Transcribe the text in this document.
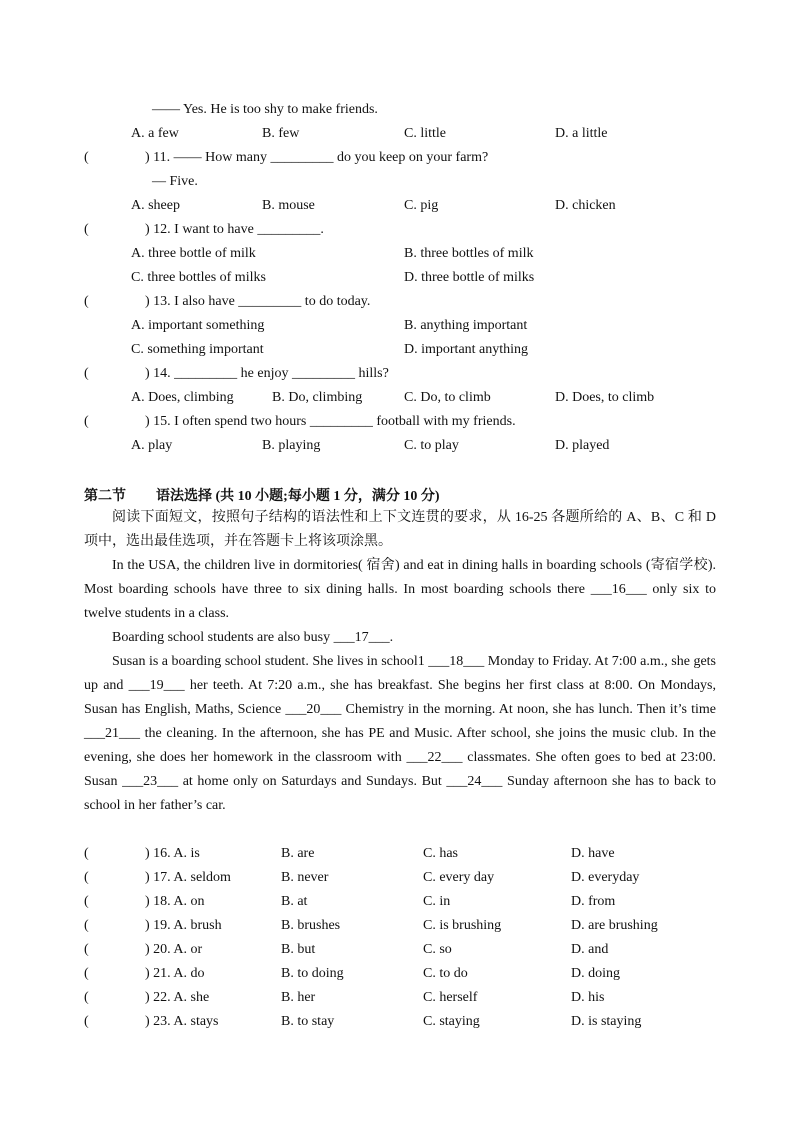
—— Yes. He is too shy to make friends.
A. a few	B. few	C. little	D. a little
(	) 11. —— How many _________ do you keep on your farm?
— Five.
A. sheep	B. mouse	C. pig	D. chicken
(	) 12. I want to have _________.
A. three bottle of milk	B. three bottles of milk
C. three bottles of milks	D. three bottle of milks
(	) 13. I also have _________ to do today.
A. important something	B. anything important
C. something important	D. important anything
(	) 14. _________ he enjoy _________ hills?
A. Does, climbing	B. Do, climbing	C. Do, to climb	D. Does, to climb
(	) 15. I often spend two hours _________ football with my friends.
A. play	B. playing	C. to play	D. played
第二节 语法选择 (共 10 小题;每小题 1 分，满分 10 分)
阅读下面短文，按照句子结构的语法性和上下文连贯的要求，从 16-25 各题所给的 A、B、C 和 D 项中，选出最佳选项，并在答题卡上将该项涂黑。
In the USA, the children live in dormitories( 宿舍) and eat in dining halls in boarding schools (寄宿学校). Most boarding schools have three to six dining halls. In most boarding schools there ___16___ only six to twelve students in a class.
Boarding school students are also busy ___17___.
Susan is a boarding school student. She lives in school1 ___18___ Monday to Friday. At 7:00 a.m., she gets up and ___19___ her teeth. At 7:20 a.m., she has breakfast. She begins her first class at 8:00. On Mondays, Susan has English, Maths, Science ___20___ Chemistry in the morning. At noon, she has lunch. Then it’s time ___21___ the cleaning. In the afternoon, she has PE and Music. After school, she joins the music club. In the evening, she does her homework in the classroom with ___22___ classmates. She often goes to bed at 23:00. Susan ___23___ at home only on Saturdays and Sundays. But ___24___ Sunday afternoon she has to back to school in her father’s car.
(	) 16. A. is	B. are	C. has	D. have
(	) 17. A. seldom	B. never	C. every day	D. everyday
(	) 18. A. on	B. at	C. in	D. from
(	) 19. A. brush	B. brushes	C. is brushing	D. are brushing
(	) 20. A. or	B. but	C. so	D. and
(	) 21. A. do	B. to doing	C. to do	D. doing
(	) 22. A. she	B. her	C. herself	D. his
(	) 23. A. stays	B. to stay	C. staying	D. is staying
